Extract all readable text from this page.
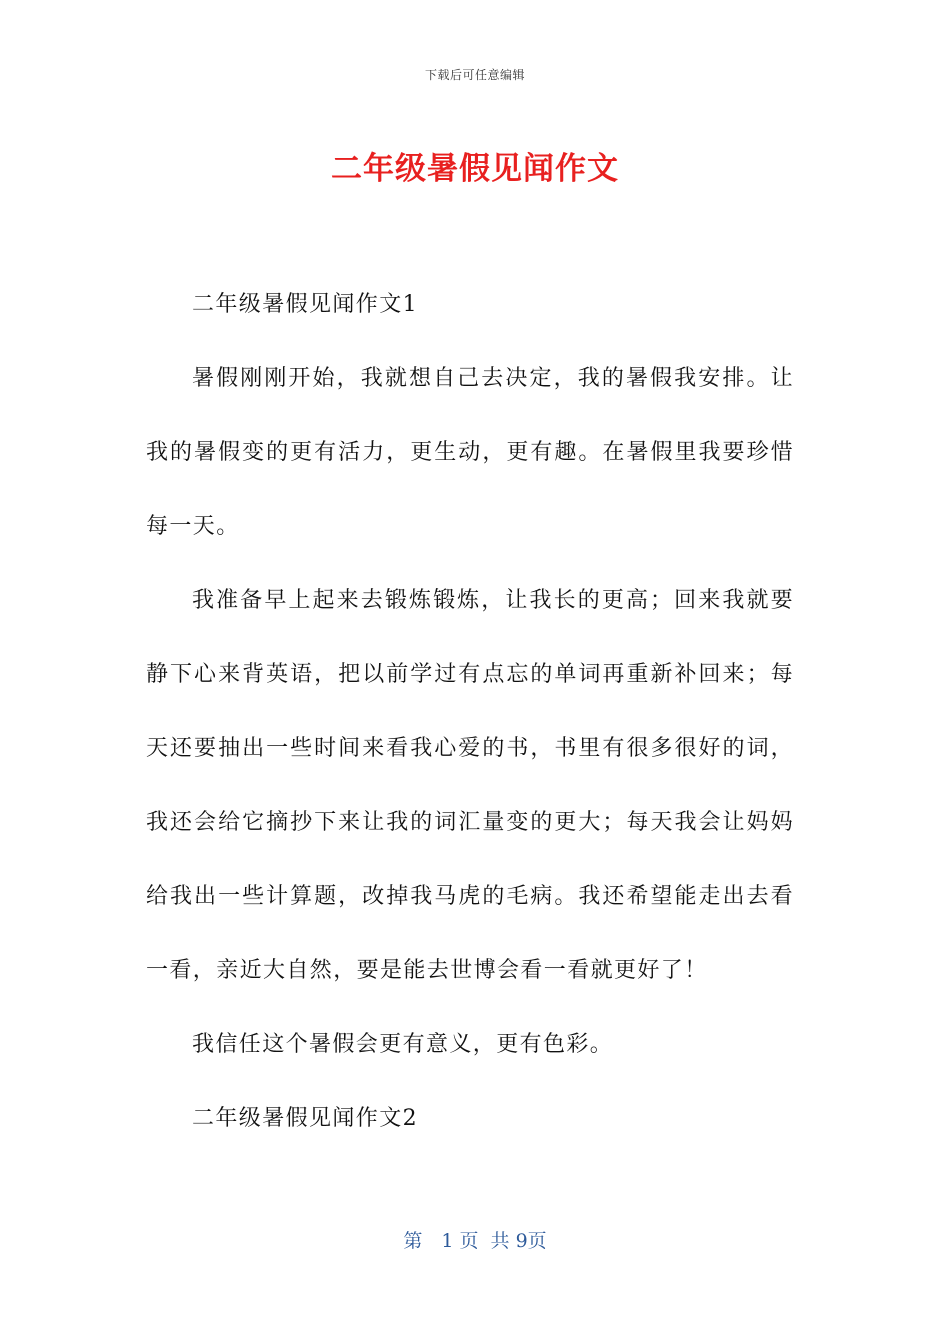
下载后可任意编辑
二年级暑假见闻作文

二年级暑假见闻作文1

暑假刚刚开始，我就想自己去决定，我的暑假我安排。让我的暑假变的更有活力，更生动，更有趣。在暑假里我要珍惜每一天。

我准备早上起来去锻炼锻炼，让我长的更高；回来我就要静下心来背英语，把以前学过有点忘的单词再重新补回来；每天还要抽出一些时间来看我心爱的书，书里有很多很好的词，我还会给它摘抄下来让我的词汇量变的更大；每天我会让妈妈给我出一些计算题，改掉我马虎的毛病。我还希望能走出去看一看，亲近大自然，要是能去世博会看一看就更好了！

我信任这个暑假会更有意义，更有色彩。

二年级暑假见闻作文2

第　1 页  共 9页
